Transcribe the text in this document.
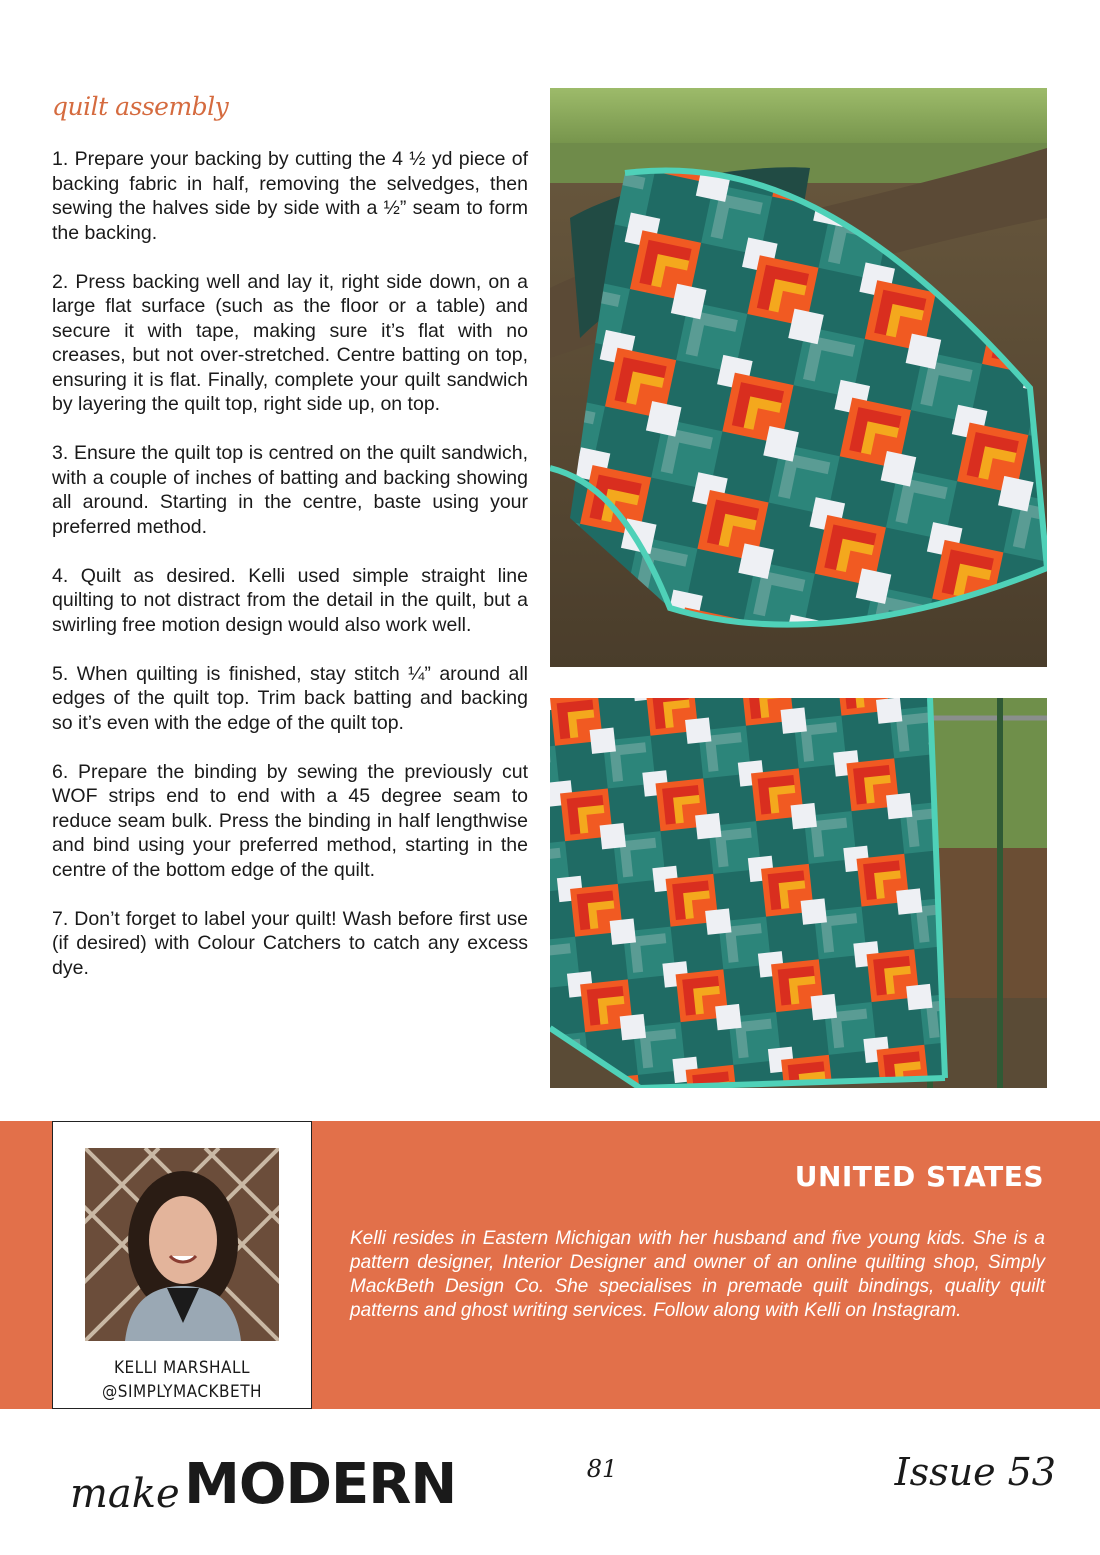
quilt assembly

1. Prepare your backing by cutting the 4 ½ yd piece of backing fabric in half, removing the selvedges, then sewing the halves side by side with a ½” seam to form the backing.

2. Press backing well and lay it, right side down, on a large flat surface (such as the floor or a table) and secure it with tape, making sure it’s flat with no creases, but not over-stretched. Centre batting on top, ensuring it is flat. Finally, complete your quilt sandwich by layering the quilt top, right side up, on top.

3. Ensure the quilt top is centred on the quilt sandwich, with a couple of inches of batting and backing showing all around. Starting in the centre, baste using your preferred method.

4. Quilt as desired. Kelli used simple straight line quilting to not distract from the detail in the quilt, but a swirling free motion design would also work well.

5. When quilting is finished, stay stitch ¼” around all edges of the quilt top. Trim back batting and backing so it’s even with the edge of the quilt top.

6. Prepare the binding by sewing the previously cut WOF strips end to end with a 45 degree seam to reduce seam bulk. Press the binding in half lengthwise and bind using your preferred method, starting in the centre of the bottom edge of the quilt.

7. Don’t forget to label your quilt! Wash before first use (if desired) with Colour Catchers to catch any excess dye.

UNITED STATES

Kelli resides in Eastern Michigan with her husband and five young kids. She is a pattern designer, Interior Designer and owner of an online quilting shop, Simply MackBeth Design Co. She specialises in premade quilt bindings, quality quilt patterns and ghost writing services. Follow along with Kelli on Instagram.

KELLI MARSHALL
@SIMPLYMACKBETH
make MODERN	81	Issue 53
